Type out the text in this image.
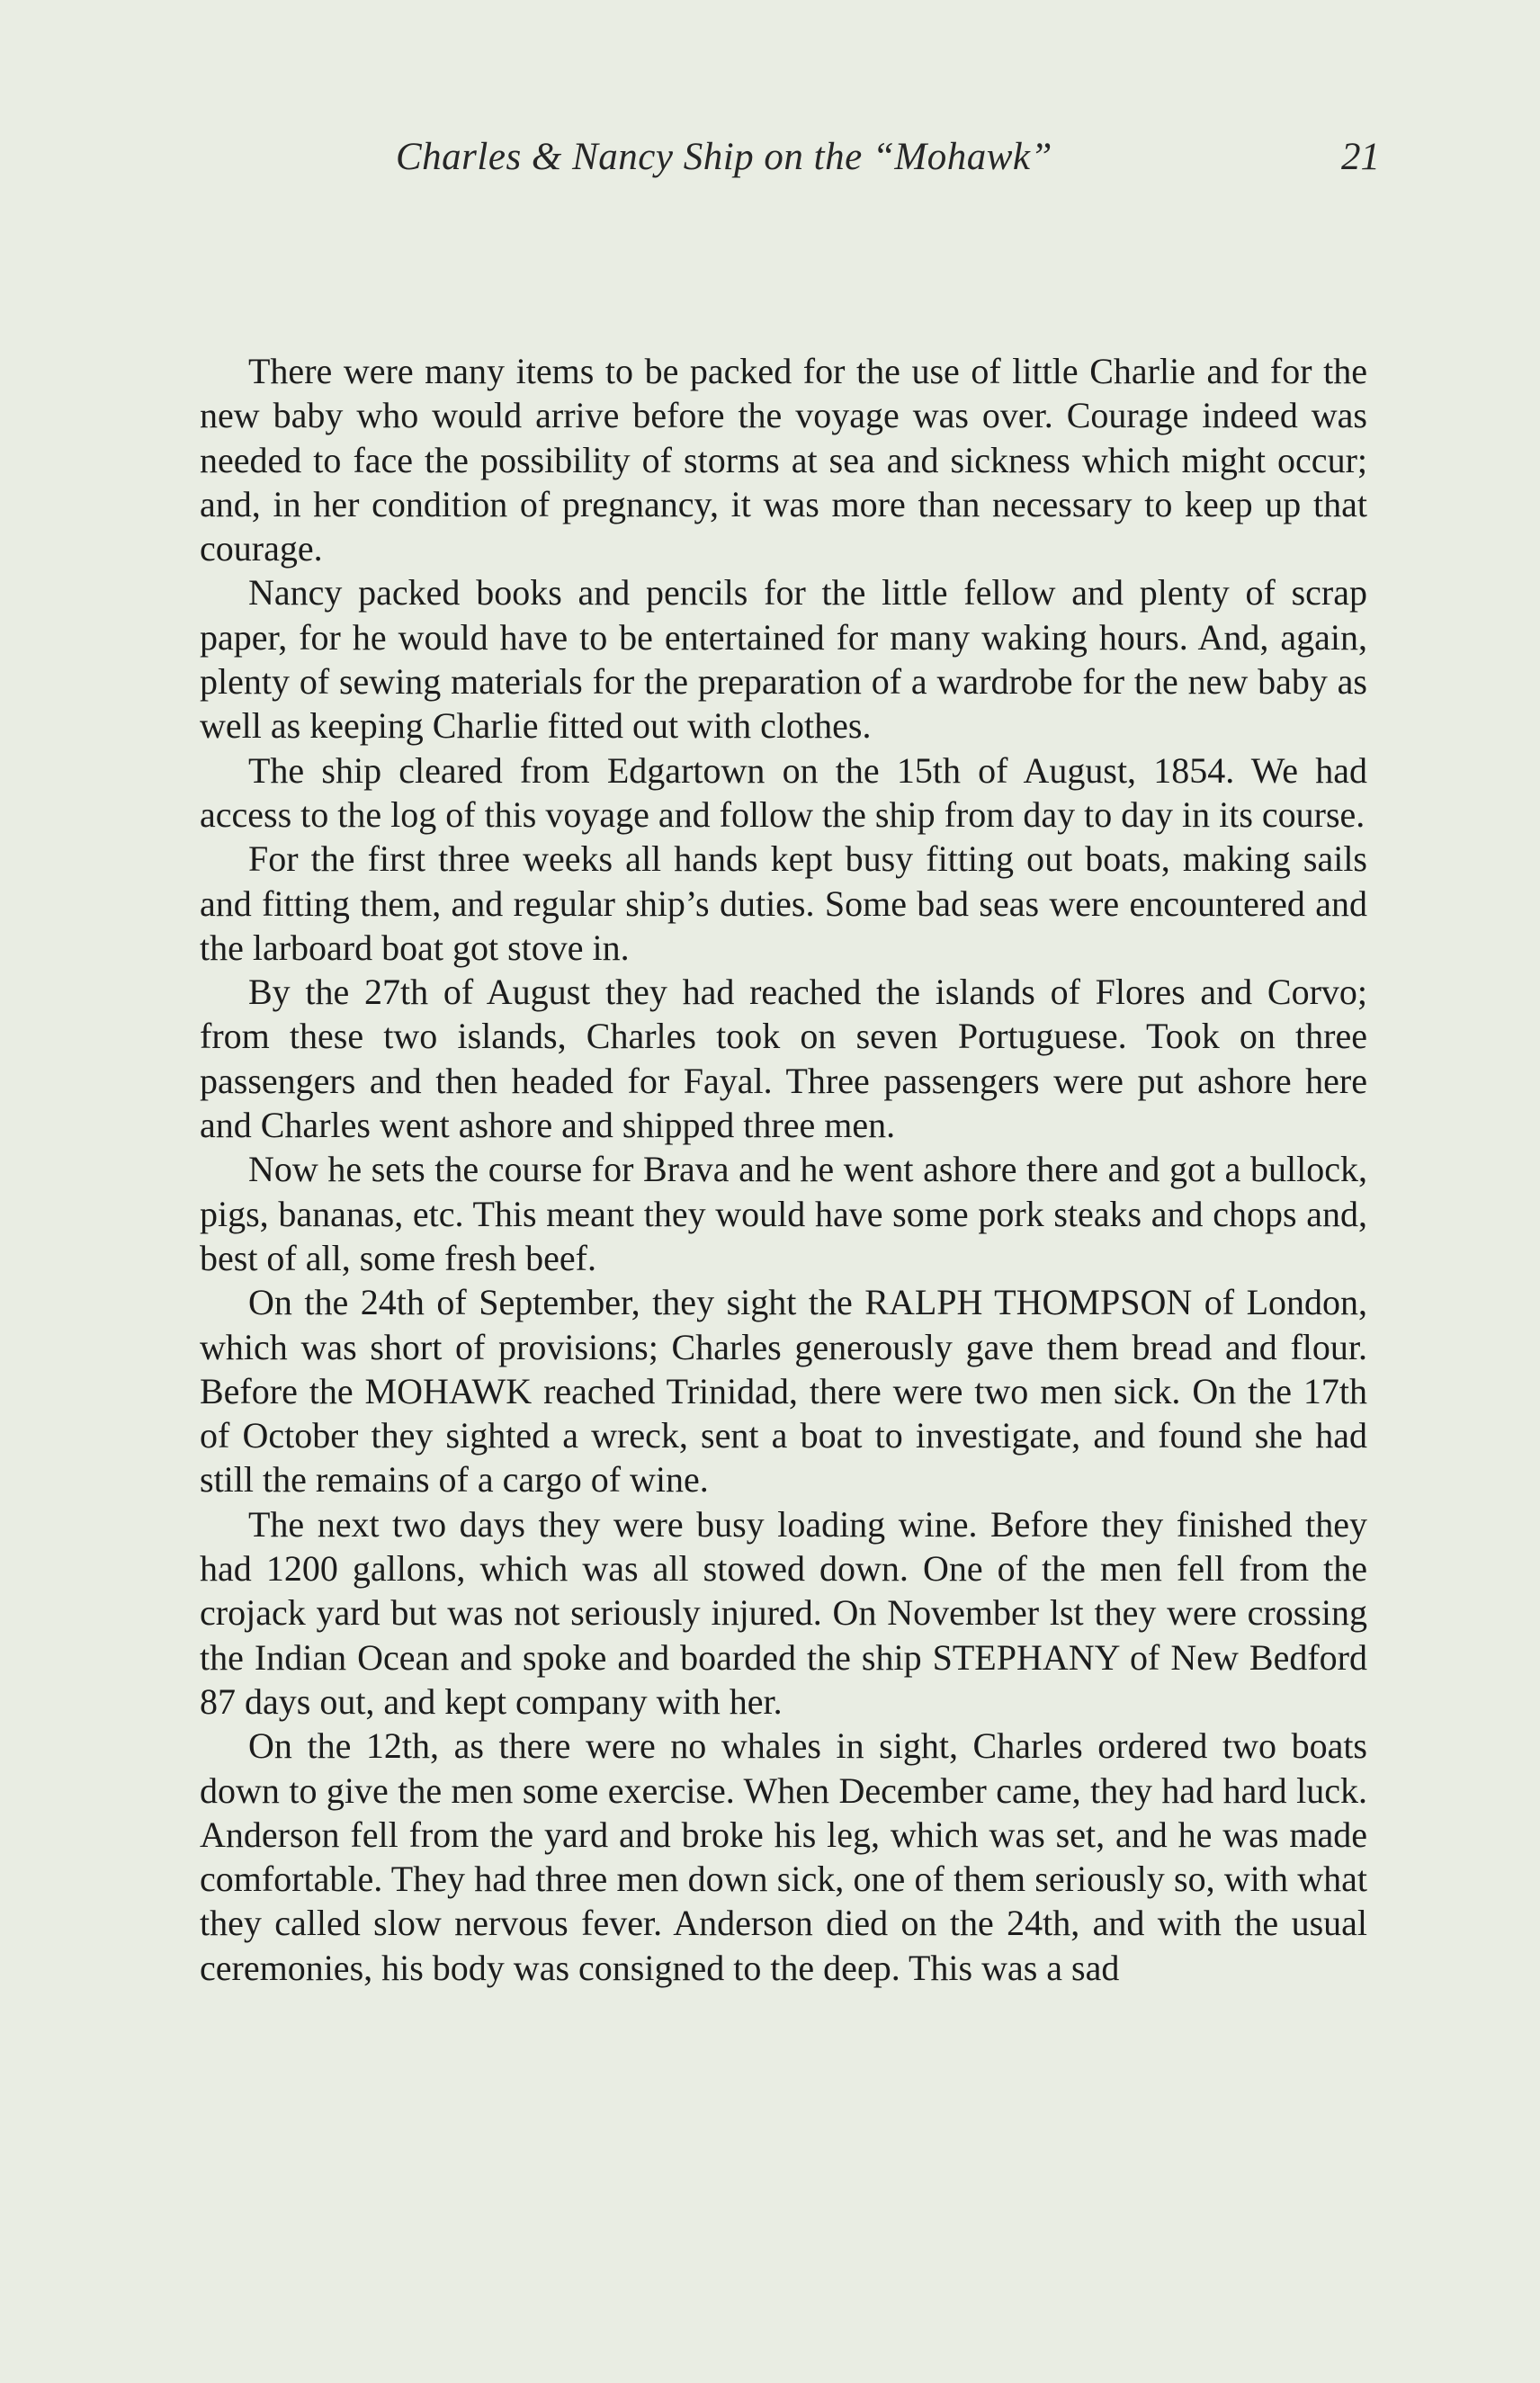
Charles & Nancy Ship on the “Mohawk”	21

There were many items to be packed for the use of little Charlie and for the new baby who would arrive before the voyage was over. Courage indeed was needed to face the possibility of storms at sea and sickness which might occur; and, in her condition of pregnancy, it was more than necessary to keep up that courage.

Nancy packed books and pencils for the little fellow and plenty of scrap paper, for he would have to be entertained for many waking hours. And, again, plenty of sewing materials for the preparation of a wardrobe for the new baby as well as keeping Charlie fitted out with clothes.

The ship cleared from Edgartown on the 15th of August, 1854. We had access to the log of this voyage and follow the ship from day to day in its course.

For the first three weeks all hands kept busy fitting out boats, making sails and fitting them, and regular ship’s duties. Some bad seas were encountered and the larboard boat got stove in.

By the 27th of August they had reached the islands of Flores and Corvo; from these two islands, Charles took on seven Portuguese. Took on three passengers and then headed for Fayal. Three passengers were put ashore here and Charles went ashore and shipped three men.

Now he sets the course for Brava and he went ashore there and got a bullock, pigs, bananas, etc. This meant they would have some pork steaks and chops and, best of all, some fresh beef.

On the 24th of September, they sight the RALPH THOMPSON of London, which was short of provisions; Charles generously gave them bread and flour. Before the MOHAWK reached Trinidad, there were two men sick. On the 17th of October they sighted a wreck, sent a boat to investigate, and found she had still the remains of a cargo of wine.

The next two days they were busy loading wine. Before they finished they had 1200 gallons, which was all stowed down. One of the men fell from the crojack yard but was not seriously injured. On November lst they were crossing the Indian Ocean and spoke and boarded the ship STEPHANY of New Bedford 87 days out, and kept company with her.

On the 12th, as there were no whales in sight, Charles ordered two boats down to give the men some exercise. When December came, they had hard luck. Anderson fell from the yard and broke his leg, which was set, and he was made comfortable. They had three men down sick, one of them seriously so, with what they called slow nervous fever. Anderson died on the 24th, and with the usual ceremonies, his body was consigned to the deep. This was a sad
